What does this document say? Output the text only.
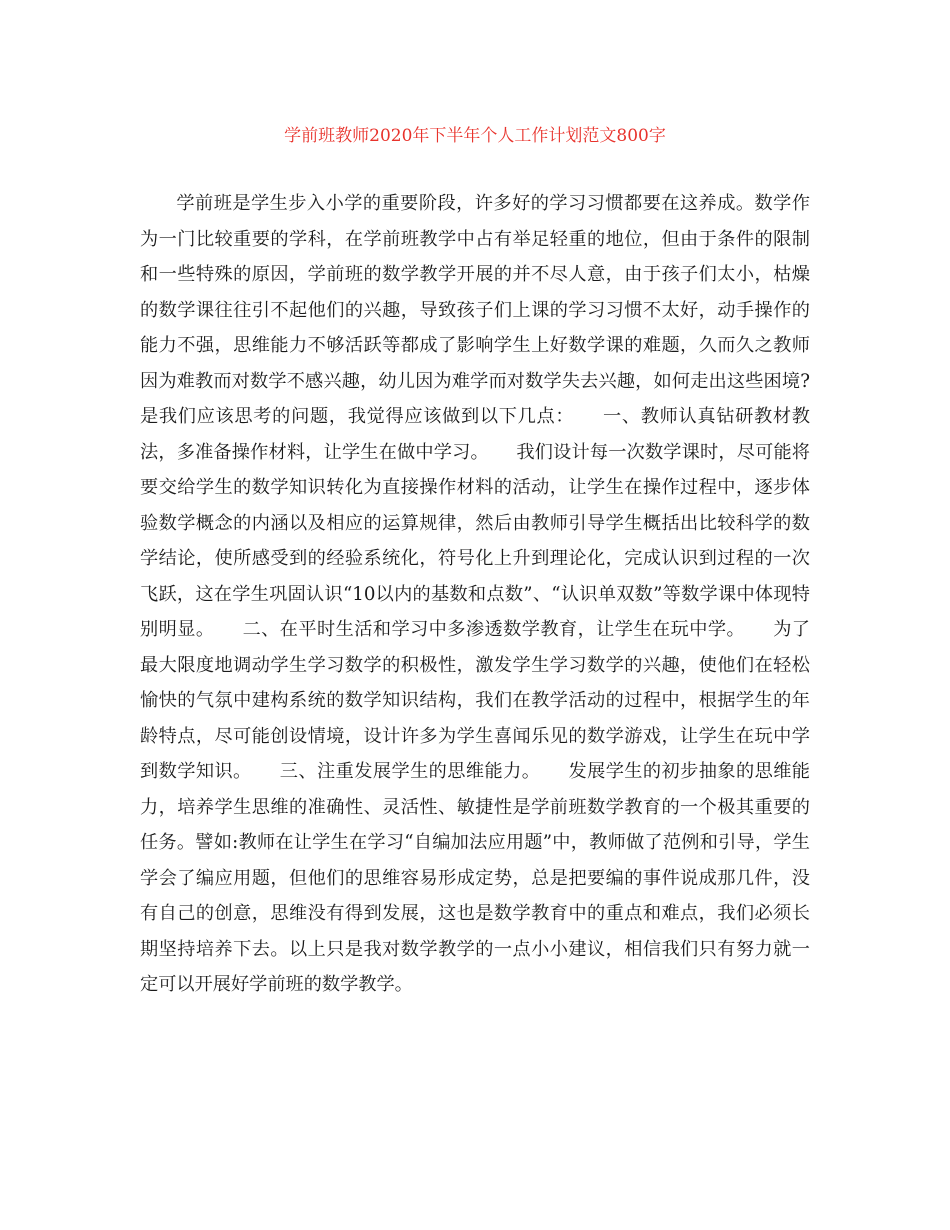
学前班教师2020年下半年个人工作计划范文800字

学前班是学生步入小学的重要阶段，许多好的学习习惯都要在这养成。数学作为一门比较重要的学科，在学前班教学中占有举足轻重的地位，但由于条件的限制和一些特殊的原因，学前班的数学教学开展的并不尽人意，由于孩子们太小，枯燥的数学课往往引不起他们的兴趣，导致孩子们上课的学习习惯不太好，动手操作的能力不强，思维能力不够活跃等都成了影响学生上好数学课的难题，久而久之教师因为难教而对数学不感兴趣，幼儿因为难学而对数学失去兴趣，如何走出这些困境?是我们应该思考的问题，我觉得应该做到以下几点：　　一、教师认真钻研教材教法，多准备操作材料，让学生在做中学习。　　我们设计每一次数学课时，尽可能将要交给学生的数学知识转化为直接操作材料的活动，让学生在操作过程中，逐步体验数学概念的内涵以及相应的运算规律，然后由教师引导学生概括出比较科学的数学结论，使所感受到的经验系统化，符号化上升到理论化，完成认识到过程的一次飞跃，这在学生巩固认识“10以内的基数和点数”、“认识单双数”等数学课中体现特别明显。　　二、在平时生活和学习中多渗透数学教育，让学生在玩中学。　　为了最大限度地调动学生学习数学的积极性，激发学生学习数学的兴趣，使他们在轻松愉快的气氛中建构系统的数学知识结构，我们在教学活动的过程中，根据学生的年龄特点，尽可能创设情境，设计许多为学生喜闻乐见的数学游戏，让学生在玩中学到数学知识。　　三、注重发展学生的思维能力。　　发展学生的初步抽象的思维能力，培养学生思维的准确性、灵活性、敏捷性是学前班数学教育的一个极其重要的任务。譬如:教师在让学生在学习“自编加法应用题”中，教师做了范例和引导，学生学会了编应用题，但他们的思维容易形成定势，总是把要编的事件说成那几件，没有自己的创意，思维没有得到发展，这也是数学教育中的重点和难点，我们必须长期坚持培养下去。以上只是我对数学教学的一点小小建议，相信我们只有努力就一定可以开展好学前班的数学教学。
